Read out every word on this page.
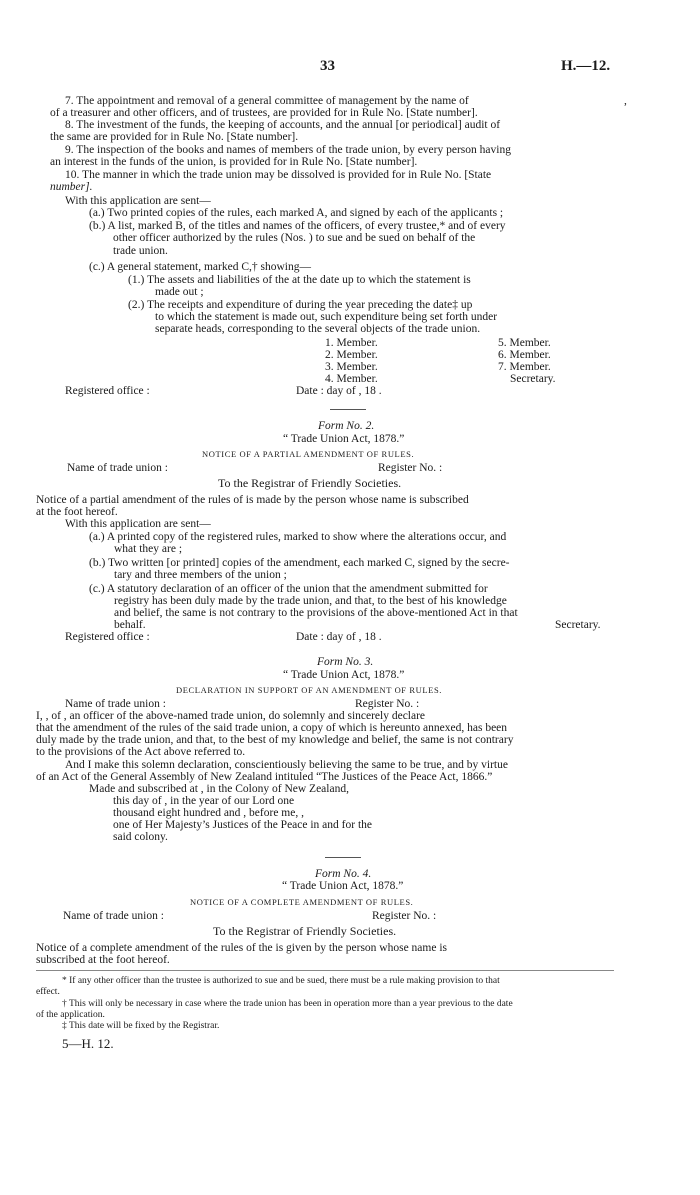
33	H.—12.
7. The appointment and removal of a general committee of management by the name of	,
of a treasurer and other officers, and of trustees, are provided for in Rule No. [State number].
8. The investment of the funds, the keeping of accounts, and the annual [or periodical] audit of
the same are provided for in Rule No. [State number].
9. The inspection of the books and names of members of the trade union, by every person having
an interest in the funds of the union, is provided for in Rule No. [State number].
10. The manner in which the trade union may be dissolved is provided for in Rule No. [State
number].
With this application are sent—
(a.) Two printed copies of the rules, each marked A, and signed by each of the applicants ;
(b.) A list, marked B, of the titles and names of the officers, of every trustee,* and of every
other officer authorized by the rules (Nos. ) to sue and be sued on behalf of the
trade union.
(c.) A general statement, marked C,† showing—
(1.) The assets and liabilities of the at the date up to which the statement is
made out ;
(2.) The receipts and expenditure of during the year preceding the date‡ up
to which the statement is made out, such expenditure being set forth under
separate heads, corresponding to the several objects of the trade union.
1. Member.
2. Member.
3. Member.
4. Member.
5. Member.
6. Member.
7. Member.
Secretary.
Registered office :	Date : day of , 18 .
Form No. 2.
“ Trade Union Act, 1878.”
NOTICE OF A PARTIAL AMENDMENT OF RULES.
Name of trade union :	Register No. :
To the Registrar of Friendly Societies.
Notice of a partial amendment of the rules of is made by the person whose name is subscribed
at the foot hereof.
With this application are sent—
(a.) A printed copy of the registered rules, marked to show where the alterations occur, and
what they are ;
(b.) Two written [or printed] copies of the amendment, each marked C, signed by the secre-
tary and three members of the union ;
(c.) A statutory declaration of an officer of the union that the amendment submitted for
registry has been duly made by the trade union, and that, to the best of his knowledge
and belief, the same is not contrary to the provisions of the above-mentioned Act in that
behalf.	Secretary.
Registered office :	Date : day of , 18 .
Form No. 3.
“ Trade Union Act, 1878.”
DECLARATION IN SUPPORT OF AN AMENDMENT OF RULES.
Name of trade union :	Register No. :
I, , of , an officer of the above-named trade union, do solemnly and sincerely declare
that the amendment of the rules of the said trade union, a copy of which is hereunto annexed, has been
duly made by the trade union, and that, to the best of my knowledge and belief, the same is not contrary
to the provisions of the Act above referred to.
And I make this solemn declaration, conscientiously believing the same to be true, and by virtue
of an Act of the General Assembly of New Zealand intituled “The Justices of the Peace Act, 1866.”
Made and subscribed at , in the Colony of New Zealand,
this day of , in the year of our Lord one
thousand eight hundred and , before me, ,
one of Her Majesty’s Justices of the Peace in and for the
said colony.
Form No. 4.
“ Trade Union Act, 1878.”
NOTICE OF A COMPLETE AMENDMENT OF RULES.
Name of trade union :	Register No. :
To the Registrar of Friendly Societies.
Notice of a complete amendment of the rules of the is given by the person whose name is
subscribed at the foot hereof.
* If any other officer than the trustee is authorized to sue and be sued, there must be a rule making provision to that
effect.
† This will only be necessary in case where the trade union has been in operation more than a year previous to the date
of the application.
‡ This date will be fixed by the Registrar.
5—H. 12.
